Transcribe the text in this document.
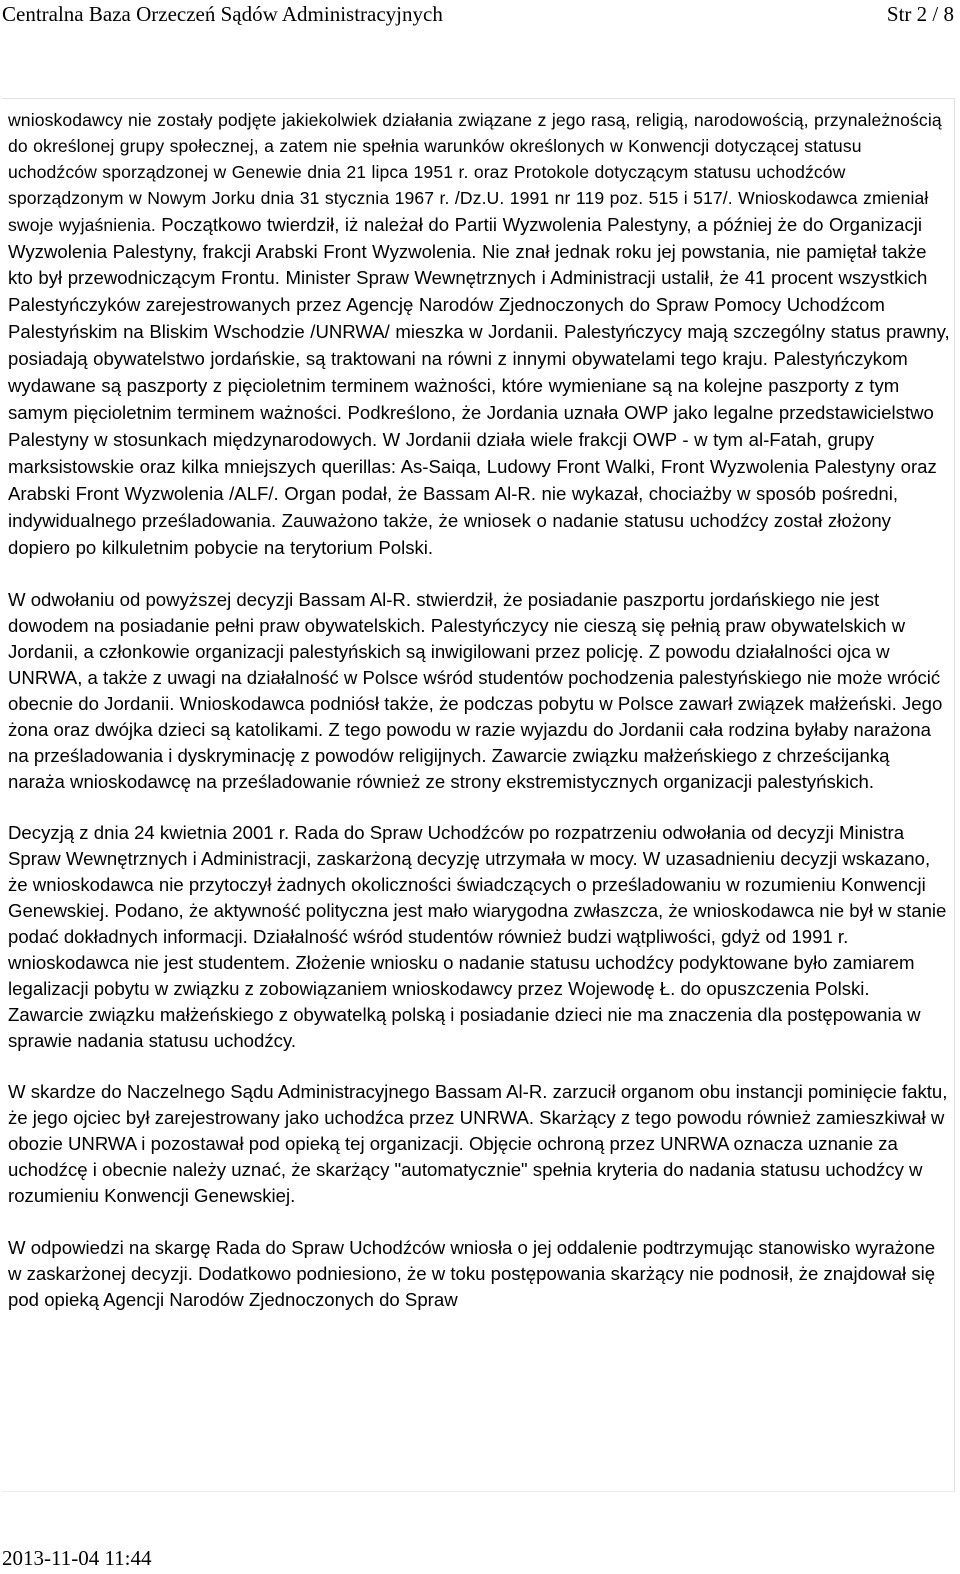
Centralna Baza Orzeczeń Sądów Administracyjnych	Str 2 / 8

wnioskodawcy nie zostały podjęte jakiekolwiek działania związane z jego rasą, religią, narodowością, przynależnością do określonej grupy społecznej, a zatem nie spełnia warunków określonych w Konwencji dotyczącej statusu uchodźców sporządzonej w Genewie dnia 21 lipca 1951 r. oraz Protokole dotyczącym statusu uchodźców sporządzonym w Nowym Jorku dnia 31 stycznia 1967 r. /Dz.U. 1991 nr 119 poz. 515 i 517/. Wnioskodawca zmieniał swoje wyjaśnienia. Początkowo twierdził, iż należał do Partii Wyzwolenia Palestyny, a później że do Organizacji Wyzwolenia Palestyny, frakcji Arabski Front Wyzwolenia. Nie znał jednak roku jej powstania, nie pamiętał także kto był przewodniczącym Frontu. Minister Spraw Wewnętrznych i Administracji ustalił, że 41 procent wszystkich Palestyńczyków zarejestrowanych przez Agencję Narodów Zjednoczonych do Spraw Pomocy Uchodźcom Palestyńskim na Bliskim Wschodzie /UNRWA/ mieszka w Jordanii. Palestyńczycy mają szczególny status prawny, posiadają obywatelstwo jordańskie, są traktowani na równi z innymi obywatelami tego kraju. Palestyńczykom wydawane są paszporty z pięcioletnim terminem ważności, które wymieniane są na kolejne paszporty z tym samym pięcioletnim terminem ważności. Podkreślono, że Jordania uznała OWP jako legalne przedstawicielstwo Palestyny w stosunkach międzynarodowych. W Jordanii działa wiele frakcji OWP - w tym al-Fatah, grupy marksistowskie oraz kilka mniejszych querillas: As-Saiqa, Ludowy Front Walki, Front Wyzwolenia Palestyny oraz Arabski Front Wyzwolenia /ALF/. Organ podał, że Bassam Al-R. nie wykazał, chociażby w sposób pośredni, indywidualnego prześladowania. Zauważono także, że wniosek o nadanie statusu uchodźcy został złożony dopiero po kilkuletnim pobycie na terytorium Polski.

W odwołaniu od powyższej decyzji Bassam Al-R. stwierdził, że posiadanie paszportu jordańskiego nie jest dowodem na posiadanie pełni praw obywatelskich. Palestyńczycy nie cieszą się pełnią praw obywatelskich w Jordanii, a członkowie organizacji palestyńskich są inwigilowani przez policję. Z powodu działalności ojca w UNRWA, a także z uwagi na działalność w Polsce wśród studentów pochodzenia palestyńskiego nie może wrócić obecnie do Jordanii. Wnioskodawca podniósł także, że podczas pobytu w Polsce zawarł związek małżeński. Jego żona oraz dwójka dzieci są katolikami. Z tego powodu w razie wyjazdu do Jordanii cała rodzina byłaby narażona na prześladowania i dyskryminację z powodów religijnych. Zawarcie związku małżeńskiego z chrześcijanką naraża wnioskodawcę na prześladowanie również ze strony ekstremistycznych organizacji palestyńskich.

Decyzją z dnia 24 kwietnia 2001 r. Rada do Spraw Uchodźców po rozpatrzeniu odwołania od decyzji Ministra Spraw Wewnętrznych i Administracji, zaskarżoną decyzję utrzymała w mocy. W uzasadnieniu decyzji wskazano, że wnioskodawca nie przytoczył żadnych okoliczności świadczących o prześladowaniu w rozumieniu Konwencji Genewskiej. Podano, że aktywność polityczna jest mało wiarygodna zwłaszcza, że wnioskodawca nie był w stanie podać dokładnych informacji. Działalność wśród studentów również budzi wątpliwości, gdyż od 1991 r. wnioskodawca nie jest studentem. Złożenie wniosku o nadanie statusu uchodźcy podyktowane było zamiarem legalizacji pobytu w związku z zobowiązaniem wnioskodawcy przez Wojewodę Ł. do opuszczenia Polski. Zawarcie związku małżeńskiego z obywatelką polską i posiadanie dzieci nie ma znaczenia dla postępowania w sprawie nadania statusu uchodźcy.

W skardze do Naczelnego Sądu Administracyjnego Bassam Al-R. zarzucił organom obu instancji pominięcie faktu, że jego ojciec był zarejestrowany jako uchodźca przez UNRWA. Skarżący z tego powodu również zamieszkiwał w obozie UNRWA i pozostawał pod opieką tej organizacji. Objęcie ochroną przez UNRWA oznacza uznanie za uchodźcę i obecnie należy uznać, że skarżący "automatycznie" spełnia kryteria do nadania statusu uchodźcy w rozumieniu Konwencji Genewskiej.

W odpowiedzi na skargę Rada do Spraw Uchodźców wniosła o jej oddalenie podtrzymując stanowisko wyrażone w zaskarżonej decyzji. Dodatkowo podniesiono, że w toku postępowania skarżący nie podnosił, że znajdował się pod opieką Agencji Narodów Zjednoczonych do Spraw

2013-11-04 11:44
